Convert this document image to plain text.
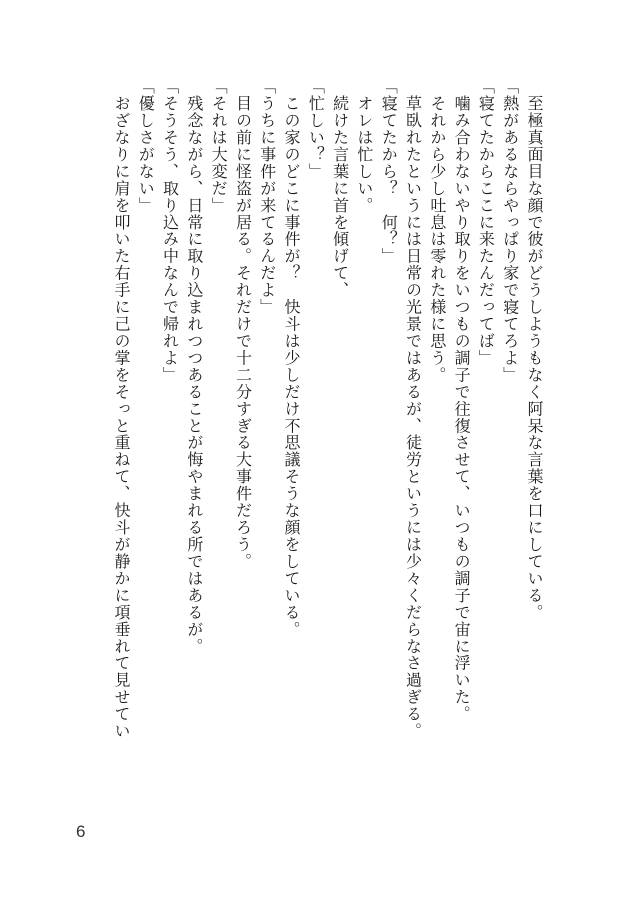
　至極真面目な顔で彼がどうしようもなく阿呆な言葉を口にしている。
「熱があるならやっぱり家で寝てろよ」
「寝てたからここに来たんだってば」
　噛み合わないやり取りをいつもの調子で往復させて、いつもの調子で宙に浮いた。
　それから少し吐息は零れた様に思う。
　草臥れたというには日常の光景ではあるが、徒労というには少々くだらなさ過ぎる。
「寝てたから？　何？」
　オレは忙しい。
　続けた言葉に首を傾げて、
「忙しい？」
　この家のどこに事件が？　快斗は少しだけ不思議そうな顔をしている。
「うちに事件が来てるんだよ」
　目の前に怪盗が居る。それだけで十二分すぎる大事件だろう。
「それは大変だ」
　残念ながら、日常に取り込まれつつあることが悔やまれる所ではあるが。
「そうそう、取り込み中なんで帰れよ」
「優しさがない」
　おざなりに肩を叩いた右手に己の掌をそっと重ねて、快斗が静かに項垂れて見せてい
6
